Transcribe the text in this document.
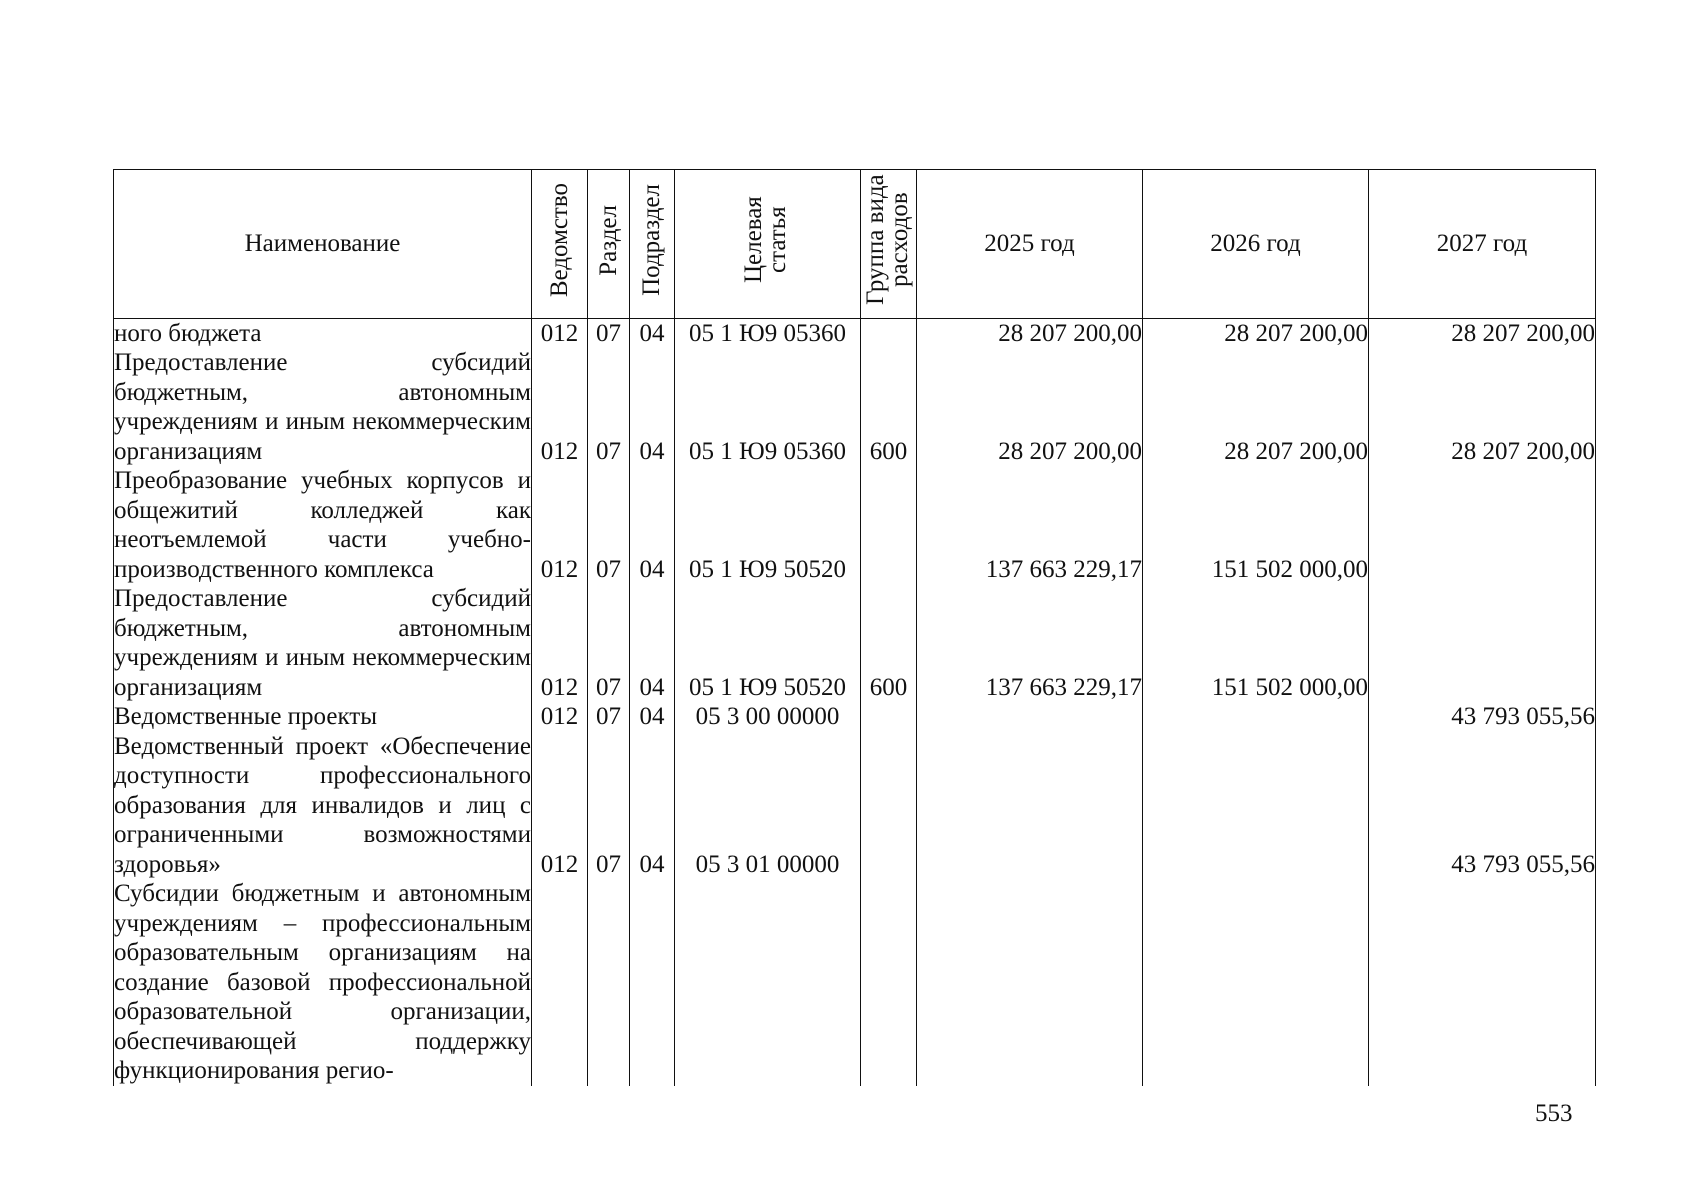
Наименование	Ведомство	Раздел	Подраздел	Целевая статья	Группа вида расходов	2025 год	2026 год	2027 год
ного бюджета	012	07	04	05 1 Ю9 05360		28 207 200,00	28 207 200,00	28 207 200,00
Предоставление субсидий бюджетным, автономным учреждениям и иным некоммерческим организациям	012	07	04	05 1 Ю9 05360	600	28 207 200,00	28 207 200,00	28 207 200,00
Преобразование учебных корпусов и общежитий колледжей как неотъемлемой части учебно-производственного комплекса	012	07	04	05 1 Ю9 50520		137 663 229,17	151 502 000,00	
Предоставление субсидий бюджетным, автономным учреждениям и иным некоммерческим организациям	012	07	04	05 1 Ю9 50520	600	137 663 229,17	151 502 000,00	
Ведомственные проекты	012	07	04	05 3 00 00000				43 793 055,56
Ведомственный проект «Обеспечение доступности профессионального образования для инвалидов и лиц с ограниченными возможностями здоровья»	012	07	04	05 3 01 00000				43 793 055,56
Субсидии бюджетным и автономным учреждениям – профессиональным образовательным организациям на создание базовой профессиональной образовательной организации, обеспечивающей поддержку функционирования регио-								
553
